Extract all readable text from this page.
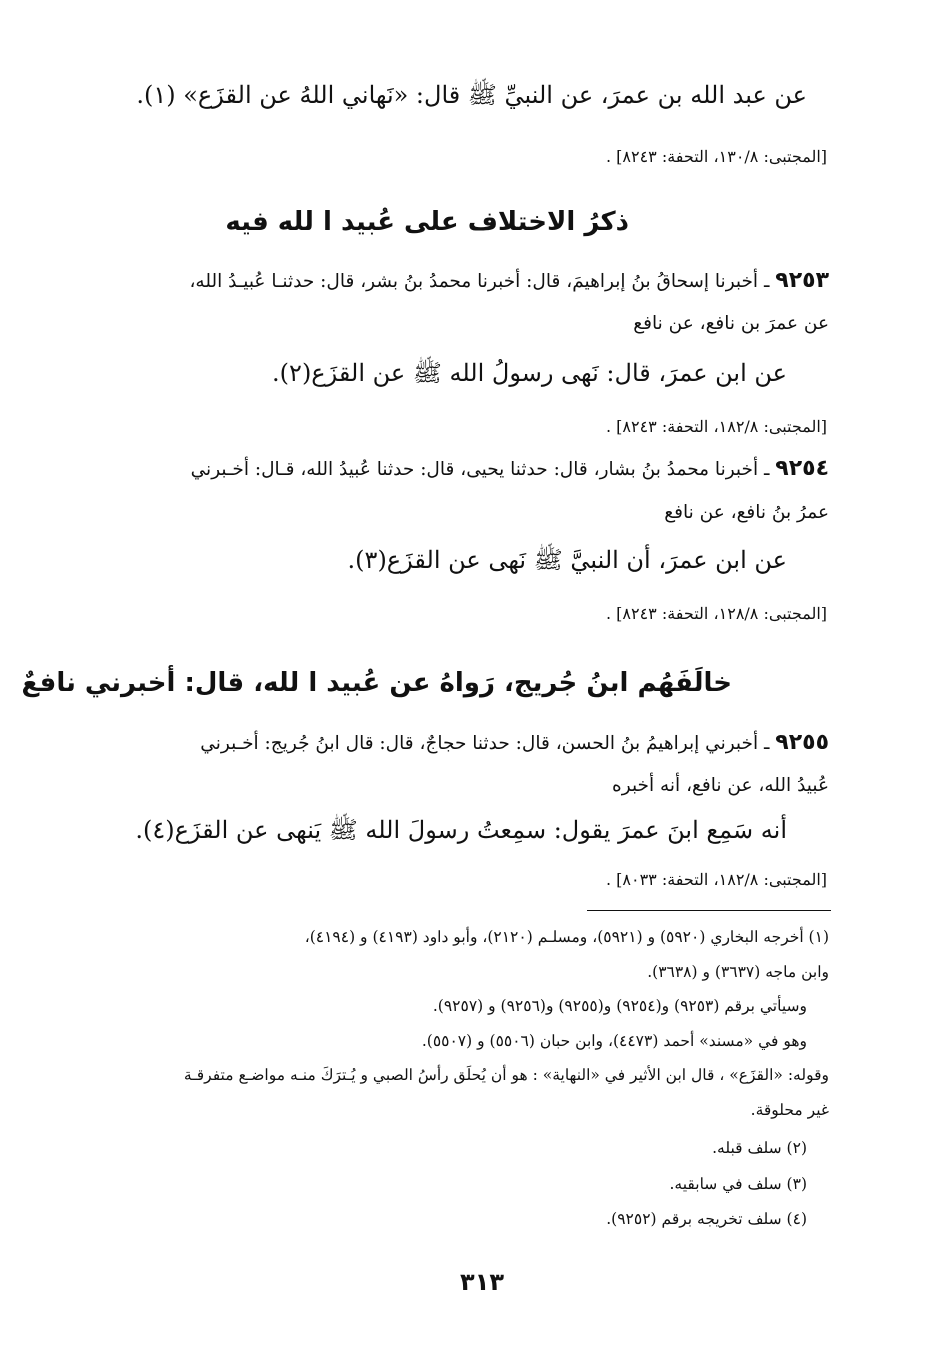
عن عبد الله بن عمرَ، عن النبيِّ ﷺ قال: «نَهاني اللهُ عن القزَع» (١).
[المجتبى: ١٣٠/٨، التحفة: ٨٢٤٣] .
ذكرُ الاختلاف على عُبيد ا لله فيه
٩٢٥٣ ـ أخبرنا إسحاقُ بنُ إبراهيمَ، قال: أخبرنا محمدُ بنُ بشر، قال: حدثنـا عُبيـدُ الله،
عن عمرَ بن نافع، عن نافع
عن ابن عمرَ، قال: نَهى رسولُ الله ﷺ عن القزَع(٢).
[المجتبى: ١٨٢/٨، التحفة: ٨٢٤٣] .
٩٢٥٤ ـ أخبرنا محمدُ بنُ بشار، قال: حدثنا يحيى، قال: حدثنا عُبيدُ الله، قـال: أخـبرني
عمرُ بنُ نافع، عن نافع
عن ابن عمرَ، أن النبيَّ ﷺ نَهى عن القزَع(٣).
[المجتبى: ١٢٨/٨، التحفة: ٨٢٤٣] .
خالَفَهُم ابنُ جُريج، رَواهُ عن عُبيد ا لله، قال: أخبرني نافعٌ
٩٢٥٥ ـ أخبرني إبراهيمُ بنُ الحسن، قال: حدثنا حجاجٌ، قال: قال ابنُ جُريج: أخـبرني
عُبيدُ الله، عن نافع، أنه أخبره
أنه سَمِع ابنَ عمرَ يقول: سمِعتُ رسولَ الله ﷺ يَنهى عن القزَع(٤).
[المجتبى: ١٨٢/٨، التحفة: ٨٠٣٣] .
(١) أخرجه البخاري (٥٩٢٠) و (٥٩٢١)، ومسلـم (٢١٢٠)، وأبو داود (٤١٩٣) و (٤١٩٤)،
وابن ماجه (٣٦٣٧) و (٣٦٣٨).
وسيأتي برقم (٩٢٥٣) و(٩٢٥٤) و(٩٢٥٥) و(٩٢٥٦) و (٩٢٥٧).
وهو في «مسند» أحمد (٤٤٧٣)، وابن حبان (٥٥٠٦) و (٥٥٠٧).
وقوله: «القزَع» ، قال ابن الأثير في «النهاية» : هو أن يُحلَق رأسُ الصبي و يُـترَكَ منـه مواضـع متفرقـة
غير محلوقة.
(٢) سلف قبله.
(٣) سلف في سابقيه.
(٤) سلف تخريجه برقم (٩٢٥٢).
٣١٣
